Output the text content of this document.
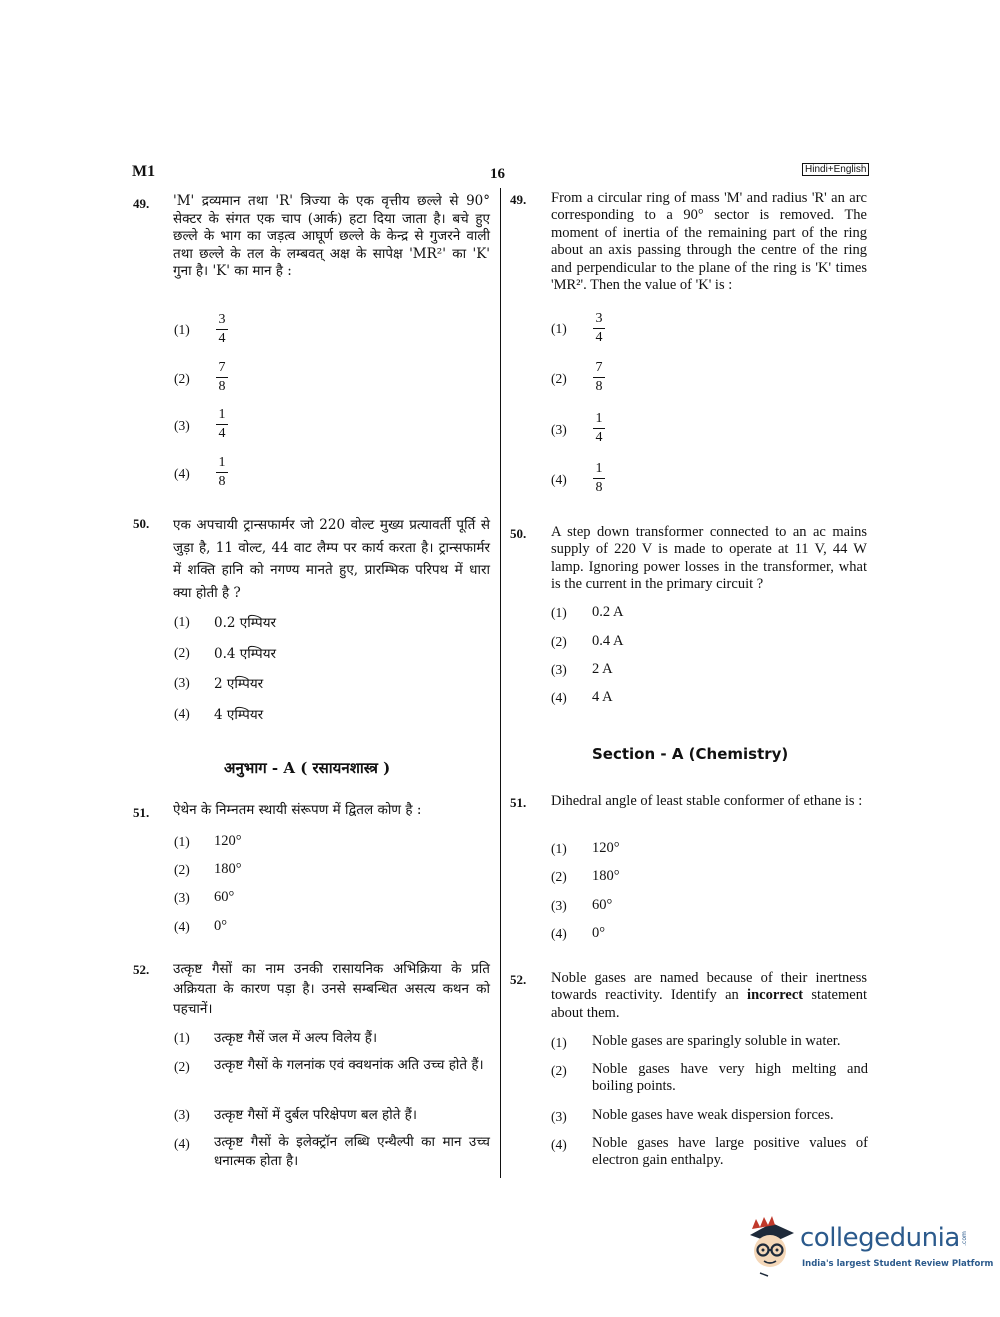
M1	16	Hindi+English
49. 'M' द्रव्यमान तथा 'R' त्रिज्या के एक वृत्तीय छल्ले से 90° सेक्टर के संगत एक चाप (आर्क) हटा दिया जाता है। बचे हुए छल्ले के भाग का जड़त्व आघूर्ण छल्ले के केन्द्र से गुजरने वाली तथा छल्ले के तल के लम्बवत् अक्ष के सापेक्ष 'MR²' का 'K' गुना है। 'K' का मान है :
(1)
3
4
(2)
7
8
(3)
1
4
(4)
1
8
49. From a circular ring of mass 'M' and radius 'R' an arc corresponding to a 90° sector is removed. The moment of inertia of the remaining part of the ring about an axis passing through the centre of the ring and perpendicular to the plane of the ring is 'K' times 'MR²'. Then the value of 'K' is :
(1)
3
4
(2)
7
8
(3)
1
4
(4)
1
8
50. एक अपचायी ट्रान्सफार्मर जो 220 वोल्ट मुख्य प्रत्यावर्ती पूर्ति से जुड़ा है, 11 वोल्ट, 44 वाट लैम्प पर कार्य करता है। ट्रान्सफार्मर में शक्ति हानि को नगण्य मानते हुए, प्रारम्भिक परिपथ में धारा क्या होती है ?
(1) 0.2 एम्पियर
(2) 0.4 एम्पियर
(3) 2 एम्पियर
(4) 4 एम्पियर
50. A step down transformer connected to an ac mains supply of 220 V is made to operate at 11 V, 44 W lamp. Ignoring power losses in the transformer, what is the current in the primary circuit ?
(1) 0.2 A
(2) 0.4 A
(3) 2 A
(4) 4 A
अनुभाग - A ( रसायनशास्त्र )
Section - A (Chemistry)
51. ऐथेन के निम्नतम स्थायी संरूपण में द्वितल कोण है :
(1) 120°
(2) 180°
(3) 60°
(4) 0°
51. Dihedral angle of least stable conformer of ethane is :
(1) 120°
(2) 180°
(3) 60°
(4) 0°
52. उत्कृष्ट गैसों का नाम उनकी रासायनिक अभिक्रिया के प्रति अक्रियता के कारण पड़ा है। उनसे सम्बन्धित असत्य कथन को पहचानें।
(1) उत्कृष्ट गैसें जल में अल्प विलेय हैं।
(2) उत्कृष्ट गैसों के गलनांक एवं क्वथनांक अति उच्च होते हैं।
(3) उत्कृष्ट गैसों में दुर्बल परिक्षेपण बल होते हैं।
(4) उत्कृष्ट गैसों के इलेक्ट्रॉन लब्धि एन्थैल्पी का मान उच्च धनात्मक होता है।
52. Noble gases are named because of their inertness towards reactivity. Identify an incorrect statement about them.
(1) Noble gases are sparingly soluble in water.
(2) Noble gases have very high melting and boiling points.
(3) Noble gases have weak dispersion forces.
(4) Noble gases have large positive values of electron gain enthalpy.
collegedunia .com
India's largest Student Review Platform
